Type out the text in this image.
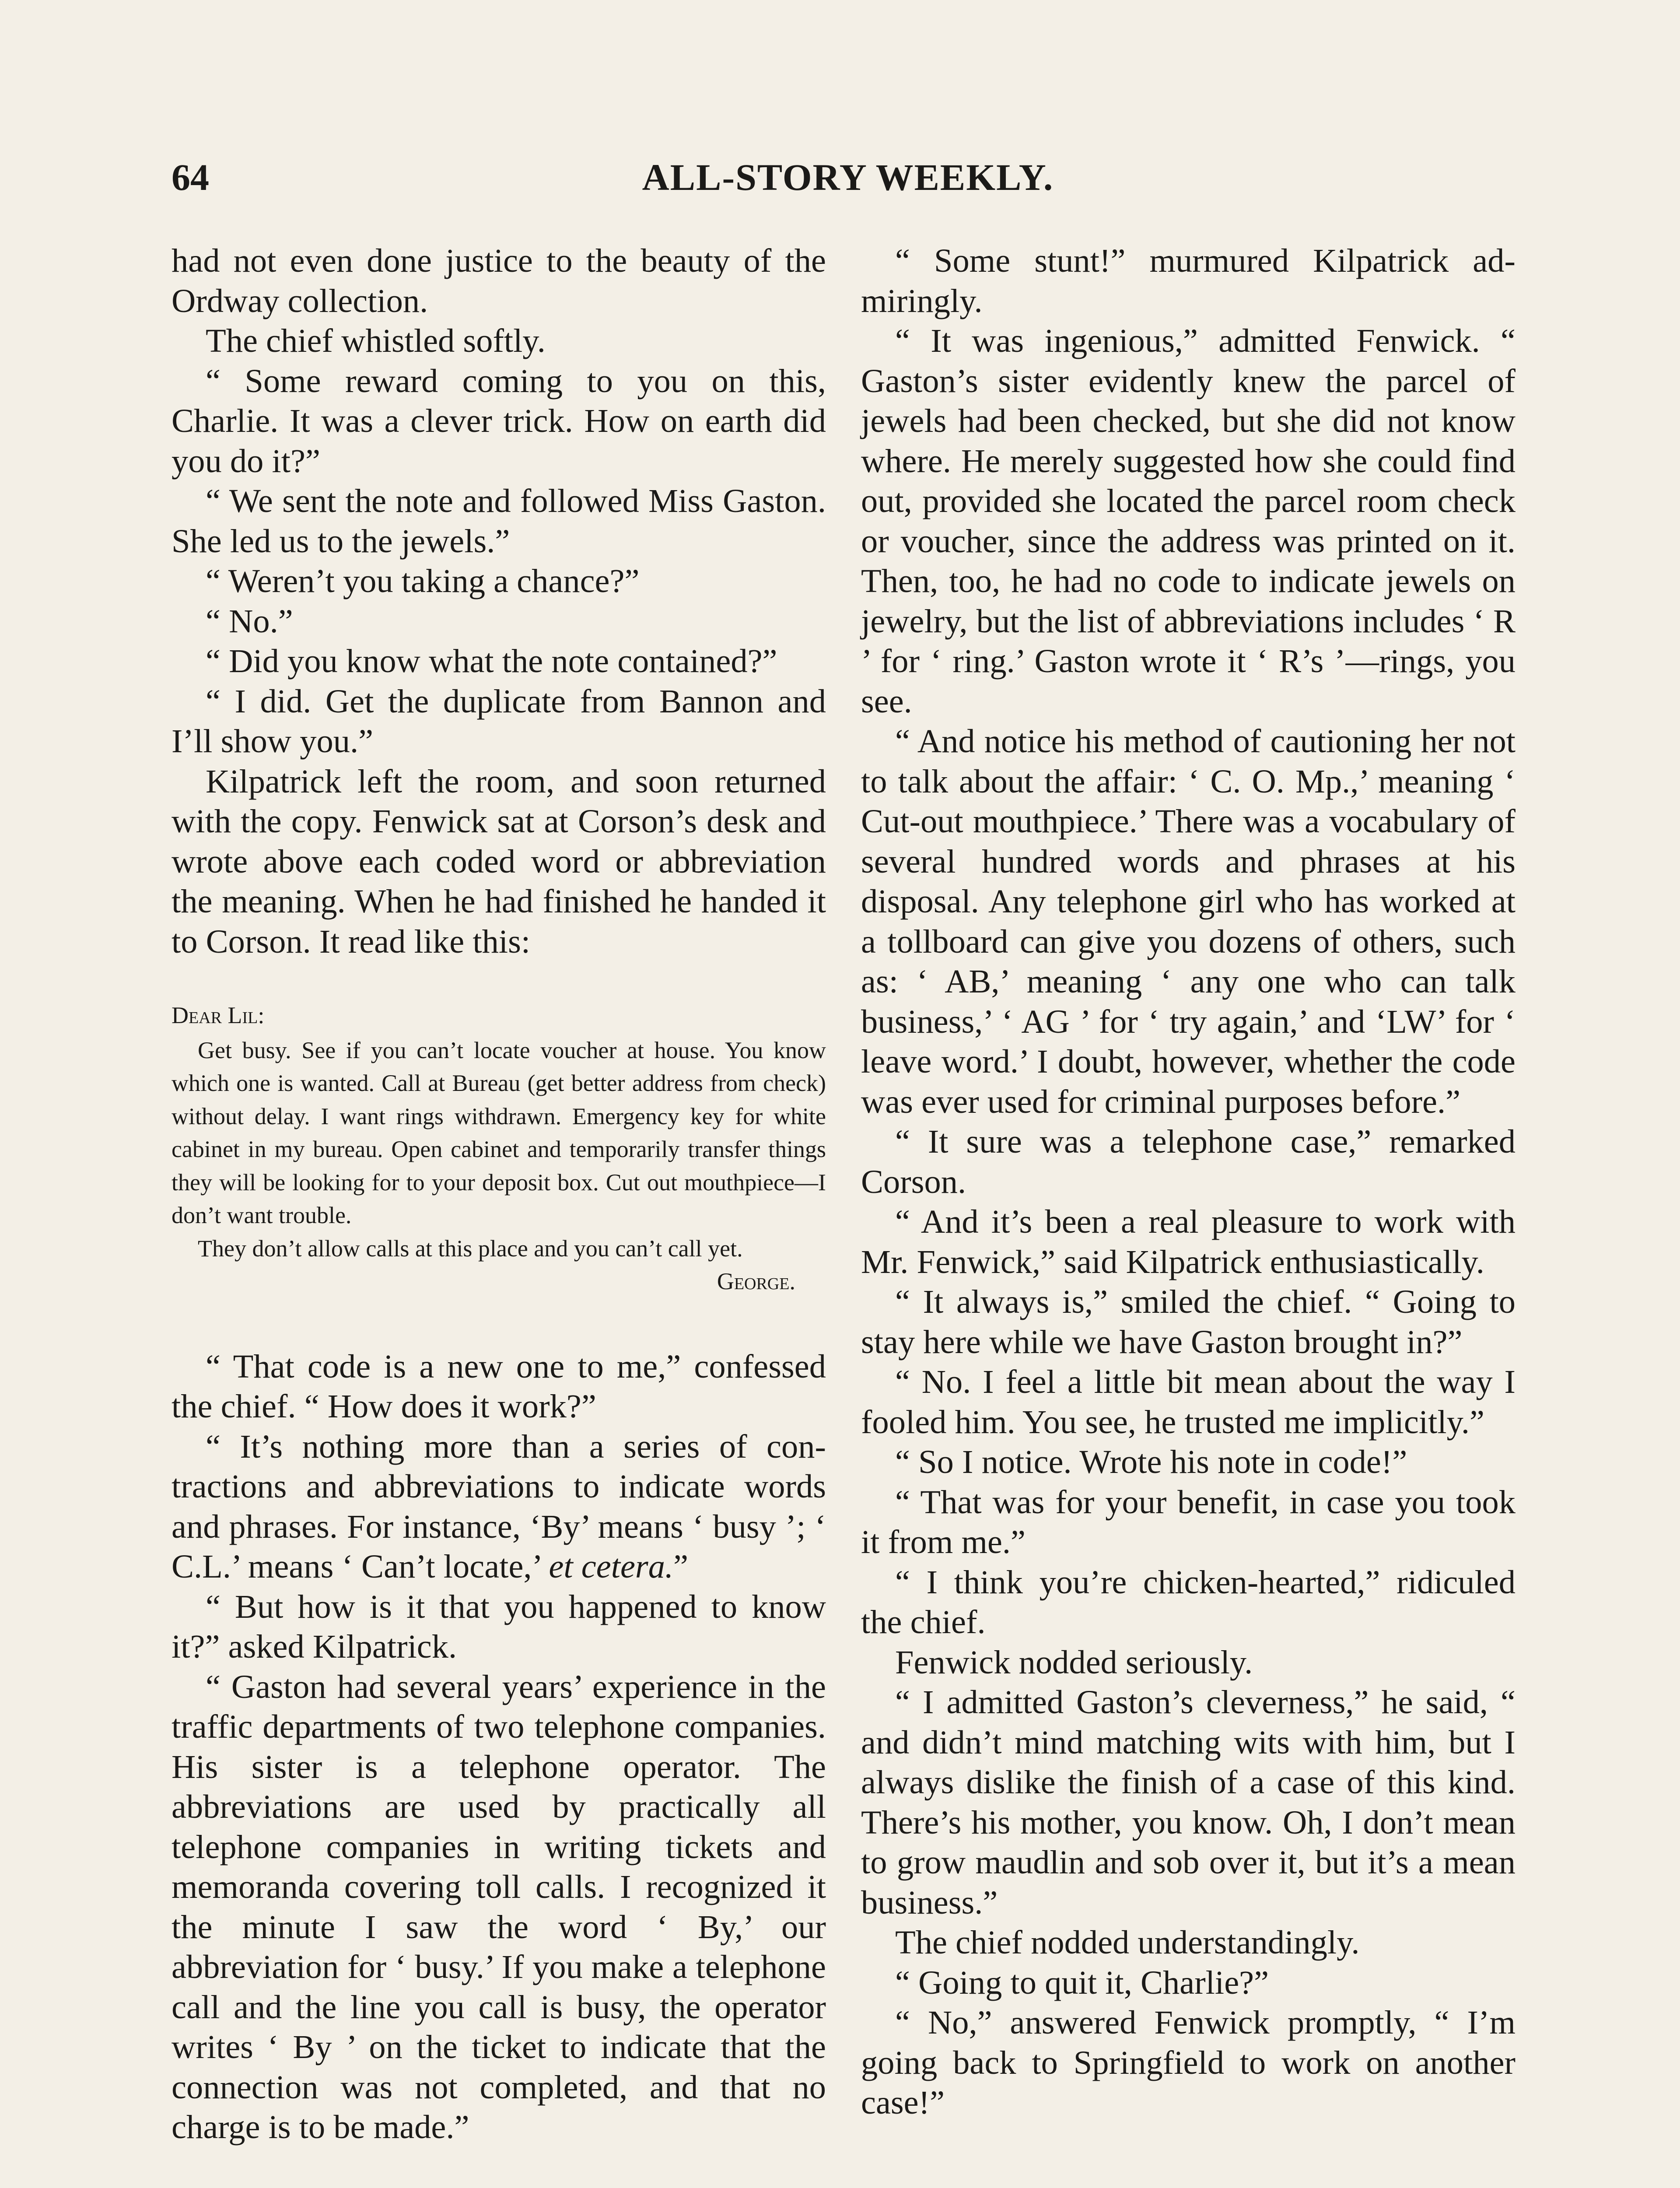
64	ALL-STORY WEEKLY.

had not even done justice to the beauty of the Ordway collection.

The chief whistled softly.

“ Some reward coming to you on this, Charlie. It was a clever trick. How on earth did you do it?”

“ We sent the note and followed Miss Gaston. She led us to the jewels.”

“ Weren’t you taking a chance?”

“ No.”

“ Did you know what the note contained?”

“ I did. Get the duplicate from Bannon and I’ll show you.”

Kilpatrick left the room, and soon returned with the copy. Fenwick sat at Corson’s desk and wrote above each coded word or abbreviation the meaning. When he had finished he handed it to Corson. It read like this:

Dear Lil:

Get busy. See if you can’t locate voucher at house. You know which one is wanted. Call at Bureau (get better address from check) without delay. I want rings withdrawn. Emergency key for white cabinet in my bureau. Open cabinet and temporarily transfer things they will be looking for to your deposit box. Cut out mouthpiece—I don’t want trouble.

They don’t allow calls at this place and you can’t call yet.

George.

“ That code is a new one to me,” confessed the chief. “ How does it work?”

“ It’s nothing more than a series of contractions and abbreviations to indicate words and phrases. For instance, ‘By’ means ‘ busy ’; ‘ C.L.’ means ‘ Can’t locate,’ et cetera.”

“ But how is it that you happened to know it?” asked Kilpatrick.

“ Gaston had several years’ experience in the traffic departments of two telephone companies. His sister is a telephone operator. The abbreviations are used by practically all telephone companies in writing tickets and memoranda covering toll calls. I recognized it the minute I saw the word ‘ By,’ our abbreviation for ‘ busy.’ If you make a telephone call and the line you call is busy, the operator writes ‘ By ’ on the ticket to indicate that the connection was not completed, and that no charge is to be made.”

“ Some stunt!” murmured Kilpatrick admiringly.

“ It was ingenious,” admitted Fenwick. “ Gaston’s sister evidently knew the parcel of jewels had been checked, but she did not know where. He merely suggested how she could find out, provided she located the parcel room check or voucher, since the address was printed on it. Then, too, he had no code to indicate jewels on jewelry, but the list of abbreviations includes ‘ R ’ for ‘ ring.’ Gaston wrote it ‘ R’s ’—rings, you see.

“ And notice his method of cautioning her not to talk about the affair: ‘ C. O. Mp.,’ meaning ‘ Cut-out mouthpiece.’ There was a vocabulary of several hundred words and phrases at his disposal. Any telephone girl who has worked at a tollboard can give you dozens of others, such as: ‘ AB,’ meaning ‘ any one who can talk business,’ ‘ AG ’ for ‘ try again,’ and ‘LW’ for ‘ leave word.’ I doubt, however, whether the code was ever used for criminal purposes before.”

“ It sure was a telephone case,” remarked Corson.

“ And it’s been a real pleasure to work with Mr. Fenwick,” said Kilpatrick enthusiastically.

“ It always is,” smiled the chief. “ Going to stay here while we have Gaston brought in?”

“ No. I feel a little bit mean about the way I fooled him. You see, he trusted me implicitly.”

“ So I notice. Wrote his note in code!”

“ That was for your benefit, in case you took it from me.”

“ I think you’re chicken-hearted,” ridiculed the chief.

Fenwick nodded seriously.

“ I admitted Gaston’s cleverness,” he said, “ and didn’t mind matching wits with him, but I always dislike the finish of a case of this kind. There’s his mother, you know. Oh, I don’t mean to grow maudlin and sob over it, but it’s a mean business.”

The chief nodded understandingly.

“ Going to quit it, Charlie?”

“ No,” answered Fenwick promptly, “ I’m going back to Springfield to work on another case!”
